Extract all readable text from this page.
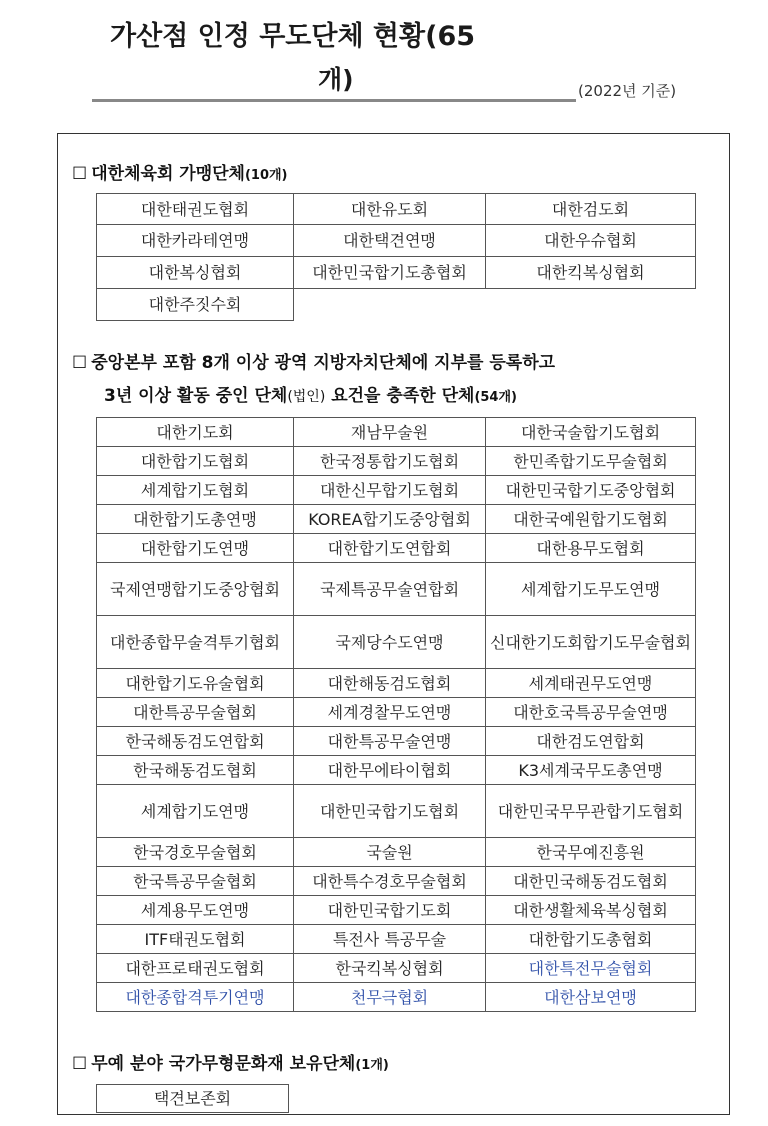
가산점 인정 무도단체 현황(65
개)	(2022년 기준)
☐ 대한체육회 가맹단체(10개)
대한태권도협회	대한유도회	대한검도회
대한카라테연맹	대한택견연맹	대한우슈협회
대한복싱협회	대한민국합기도총협회	대한킥복싱협회
대한주짓수회		
☐ 중앙본부 포함 8개 이상 광역 지방자치단체에 지부를 등록하고
3년 이상 활동 중인 단체(법인) 요건을 충족한 단체(54개)
대한기도회	재남무술원	대한국술합기도협회
대한합기도협회	한국정통합기도협회	한민족합기도무술협회
세계합기도협회	대한신무합기도협회	대한민국합기도중앙협회
대한합기도총연맹	KOREA합기도중앙협회	대한국예원합기도협회
대한합기도연맹	대한합기도연합회	대한용무도협회
국제연맹합기도중앙협회	국제특공무술연합회	세계합기도무도연맹
대한종합무술격투기협회	국제당수도연맹	신대한기도회합기도무술협회
대한합기도유술협회	대한해동검도협회	세계태권무도연맹
대한특공무술협회	세계경찰무도연맹	대한호국특공무술연맹
한국해동검도연합회	대한특공무술연맹	대한검도연합회
한국해동검도협회	대한무에타이협회	K3세계국무도총연맹
세계합기도연맹	대한민국합기도협회	대한민국무무관합기도협회
한국경호무술협회	국술원	한국무예진흥원
한국특공무술협회	대한특수경호무술협회	대한민국해동검도협회
세계용무도연맹	대한민국합기도회	대한생활체육복싱협회
ITF태권도협회	특전사 특공무술	대한합기도총협회
대한프로태권도협회	한국킥복싱협회	대한특전무술협회
대한종합격투기연맹	천무극협회	대한삼보연맹
☐ 무예 분야 국가무형문화재 보유단체(1개)
택견보존회
